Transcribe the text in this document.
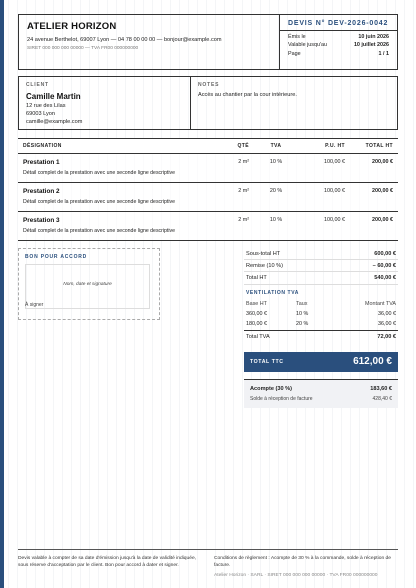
ATELIER HORIZON
24 avenue Berthelot, 69007 Lyon — 04 78 00 00 00 — bonjour@example.com
SIRET 000 000 000 00000 — TVA FR00 000000000
DEVIS N° DEV-2026-0042
Émis le	10 juin 2026
Valable jusqu'au	10 juillet 2026
Page	1 / 1
CLIENT
Camille Martin
12 rue des Lilas
69003 Lyon
camille@example.com
NOTES
Accès au chantier par la cour intérieure.
DÉSIGNATION	QTÉ	TVA	P.U. HT	TOTAL HT

Prestation 1
Détail complet de la prestation avec une seconde ligne descriptive	2 m²	10 %	100,00 €	200,00 €

Prestation 2
Détail complet de la prestation avec une seconde ligne descriptive	2 m²	20 %	100,00 €	200,00 €

Prestation 3
Détail complet de la prestation avec une seconde ligne descriptive	2 m²	10 %	100,00 €	200,00 €
BON POUR ACCORD
Nom, date et signature
À signer
Sous-total HT	600,00 €
Remise (10 %)	– 60,00 €
Total HT	540,00 €
VENTILATION TVA
Base HT	Taux	Montant TVA
360,00 €	10 %	36,00 €
180,00 €	20 %	36,00 €
Total TVA	72,00 €
TOTAL TTC	612,00 €
Acompte (30 %)	183,60 €
Solde à réception de facture	428,40 €
Devis valable à compter de sa date d'émission jusqu'à la date de validité indiquée, sous réserve d'acceptation par le client. Bon pour accord à dater et signer.
Conditions de règlement : Acompte de 30 % à la commande, solde à réception de facture.
Atelier Horizon · SARL · SIRET 000 000 000 00000 · TVA FR00 000000000
